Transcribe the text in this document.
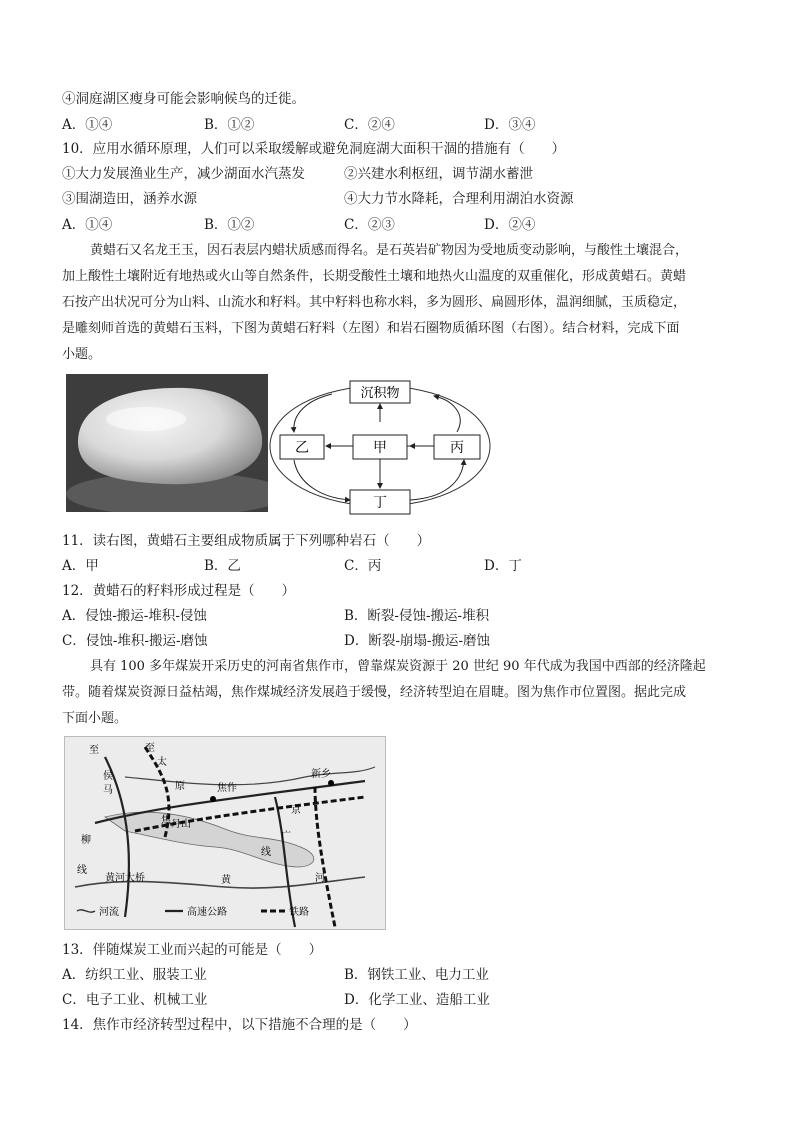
④洞庭湖区瘦身可能会影响候鸟的迁徙。
A．①④	B．①②	C．②④	D．③④
10．应用水循环原理，人们可以采取缓解或避免洞庭湖大面积干涸的措施有（　　）
①大力发展渔业生产，减少湖面水汽蒸发	②兴建水利枢纽，调节湖水蓄泄
③围湖造田，涵养水源	④大力节水降耗，合理利用湖泊水资源
A．①④	B．①②	C．②③	D．②④
黄蜡石又名龙王玉，因石表层内蜡状质感而得名。是石英岩矿物因为受地质变动影响，与酸性土壤混合，
加上酸性土壤附近有地热或火山等自然条件，长期受酸性土壤和地热火山温度的双重催化，形成黄蜡石。黄蜡
石按产出状况可分为山料、山流水和籽料。其中籽料也称水料，多为圆形、扁圆形体，温润细腻，玉质稳定，
是雕刻师首选的黄蜡石玉料，下图为黄蜡石籽料（左图）和岩石圈物质循环图（右图）。结合材料，完成下面
小题。
沉积物
乙	甲	丙
丁
11．读右图，黄蜡石主要组成物质属于下列哪种岩石（　　）
A．甲	B．乙	C．丙	D．丁
12．黄蜡石的籽料形成过程是（　　）
A．侵蚀-搬运-堆积-侵蚀	B．断裂-侵蚀-搬运-堆积
C．侵蚀-堆积-搬运-磨蚀	D．断裂-崩塌-搬运-磨蚀
具有 100 多年煤炭开采历史的河南省焦作市，曾靠煤炭资源于 20 世纪 90 年代成为我国中西部的经济隆起
带。随着煤炭资源日益枯竭，焦作煤城经济发展趋于缓慢，经济转型迫在眉睫。图为焦作市位置图。据此完成
下面小题。
至
侯
马
至
太
原	焦作
新乡
焦 月山
京
广
线
柳
线
黄河大桥	黄	河
河流	高速公路	铁路
13．伴随煤炭工业而兴起的可能是（　　）
A．纺织工业、服装工业	B．钢铁工业、电力工业
C．电子工业、机械工业	D．化学工业、造船工业
14．焦作市经济转型过程中，以下措施不合理的是（　　）
